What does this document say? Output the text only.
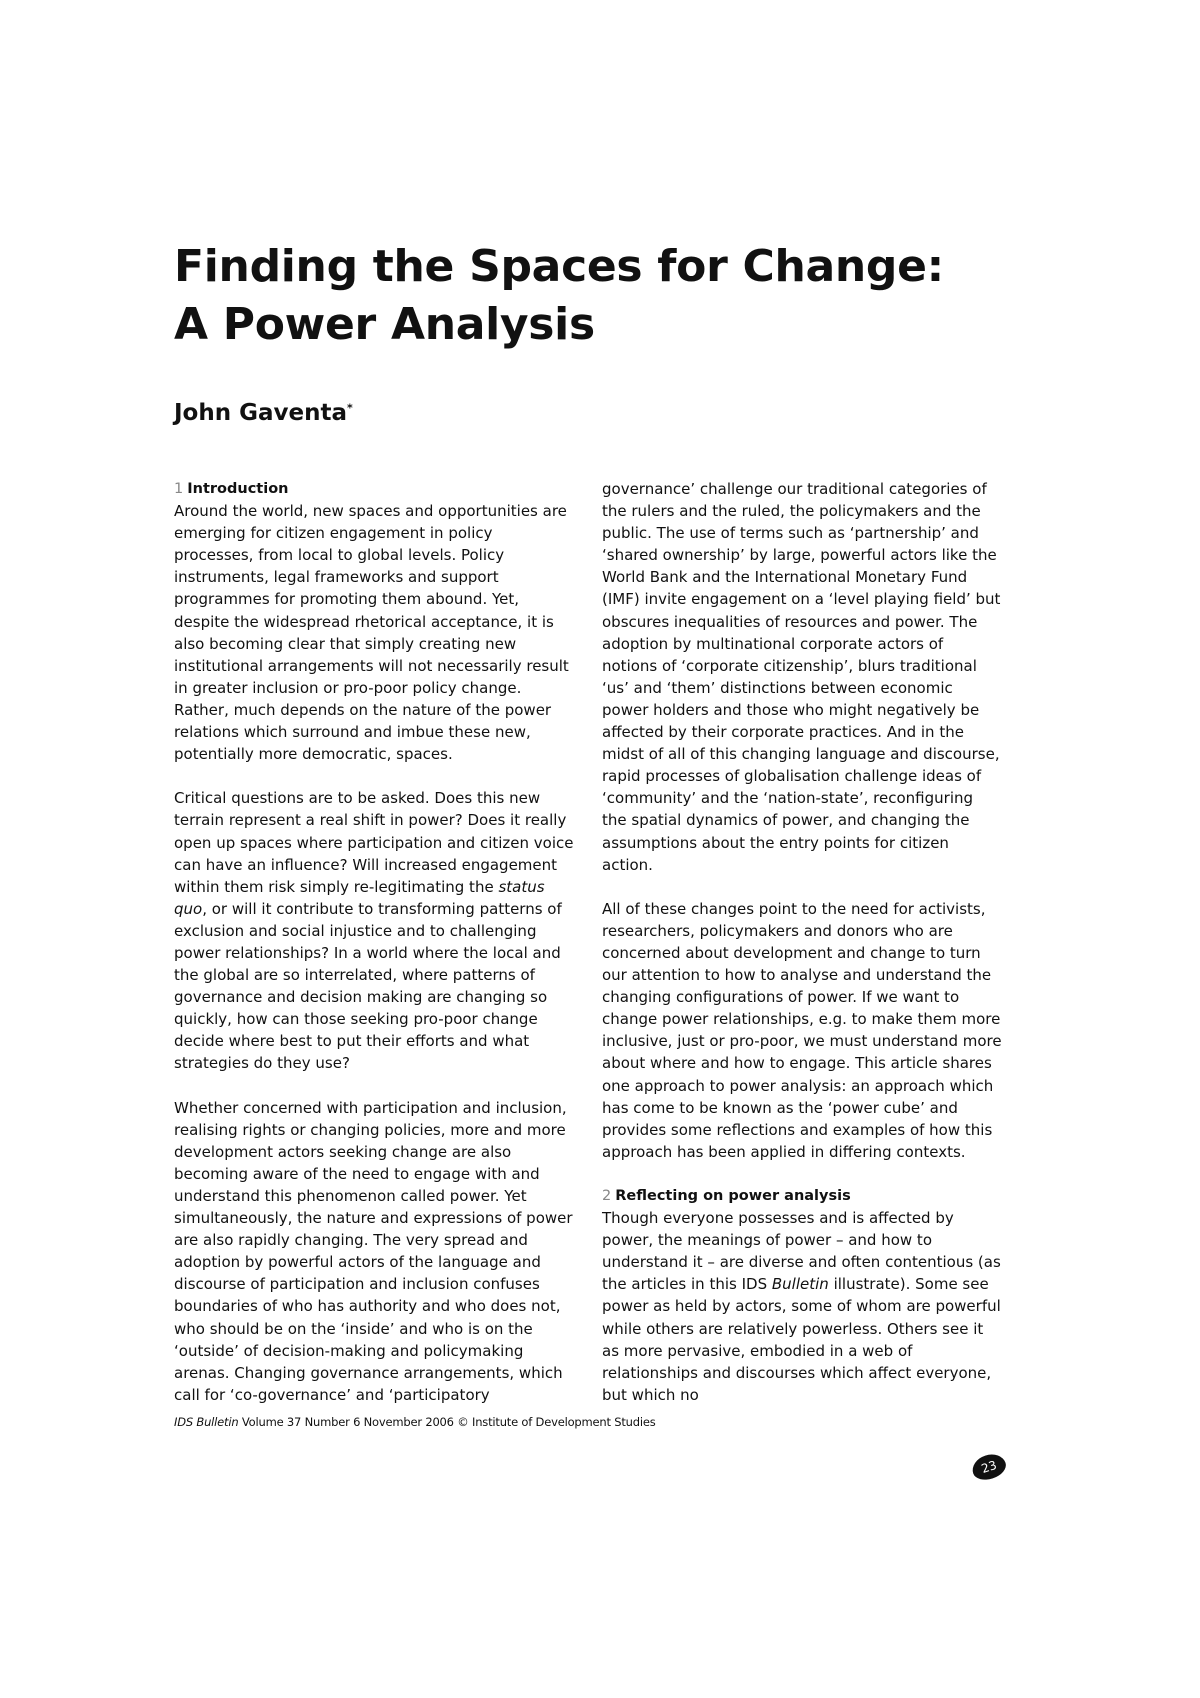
Finding the Spaces for Change:
A Power Analysis
John Gaventa*
1 Introduction

Around the world, new spaces and opportunities are emerging for citizen engagement in policy processes, from local to global levels. Policy instruments, legal frameworks and support programmes for promoting them abound. Yet, despite the widespread rhetorical acceptance, it is also becoming clear that simply creating new institutional arrangements will not necessarily result in greater inclusion or pro-poor policy change. Rather, much depends on the nature of the power relations which surround and imbue these new, potentially more democratic, spaces.

Critical questions are to be asked. Does this new terrain represent a real shift in power? Does it really open up spaces where participation and citizen voice can have an influence? Will increased engagement within them risk simply re-legitimating the status quo, or will it contribute to transforming patterns of exclusion and social injustice and to challenging power relationships? In a world where the local and the global are so interrelated, where patterns of governance and decision making are changing so quickly, how can those seeking pro-poor change decide where best to put their efforts and what strategies do they use?

Whether concerned with participation and inclusion, realising rights or changing policies, more and more development actors seeking change are also becoming aware of the need to engage with and understand this phenomenon called power. Yet simultaneously, the nature and expressions of power are also rapidly changing. The very spread and adoption by powerful actors of the language and discourse of participation and inclusion confuses boundaries of who has authority and who does not, who should be on the ‘inside’ and who is on the ‘outside’ of decision-making and policymaking arenas. Changing governance arrangements, which call for ‘co-governance’ and ‘participatory

governance’ challenge our traditional categories of the rulers and the ruled, the policymakers and the public. The use of terms such as ‘partnership’ and ‘shared ownership’ by large, powerful actors like the World Bank and the International Monetary Fund (IMF) invite engagement on a ‘level playing field’ but obscures inequalities of resources and power. The adoption by multinational corporate actors of notions of ‘corporate citizenship’, blurs traditional ‘us’ and ‘them’ distinctions between economic power holders and those who might negatively be affected by their corporate practices. And in the midst of all of this changing language and discourse, rapid processes of globalisation challenge ideas of ‘community’ and the ‘nation-state’, reconfiguring the spatial dynamics of power, and changing the assumptions about the entry points for citizen action.

All of these changes point to the need for activists, researchers, policymakers and donors who are concerned about development and change to turn our attention to how to analyse and understand the changing configurations of power. If we want to change power relationships, e.g. to make them more inclusive, just or pro-poor, we must understand more about where and how to engage. This article shares one approach to power analysis: an approach which has come to be known as the ‘power cube’ and provides some reflections and examples of how this approach has been applied in differing contexts.

2 Reflecting on power analysis

Though everyone possesses and is affected by power, the meanings of power – and how to understand it – are diverse and often contentious (as the articles in this IDS Bulletin illustrate). Some see power as held by actors, some of whom are powerful while others are relatively powerless. Others see it as more pervasive, embodied in a web of relationships and discourses which affect everyone, but which no

IDS Bulletin Volume 37 Number 6 November 2006 © Institute of Development Studies
23
